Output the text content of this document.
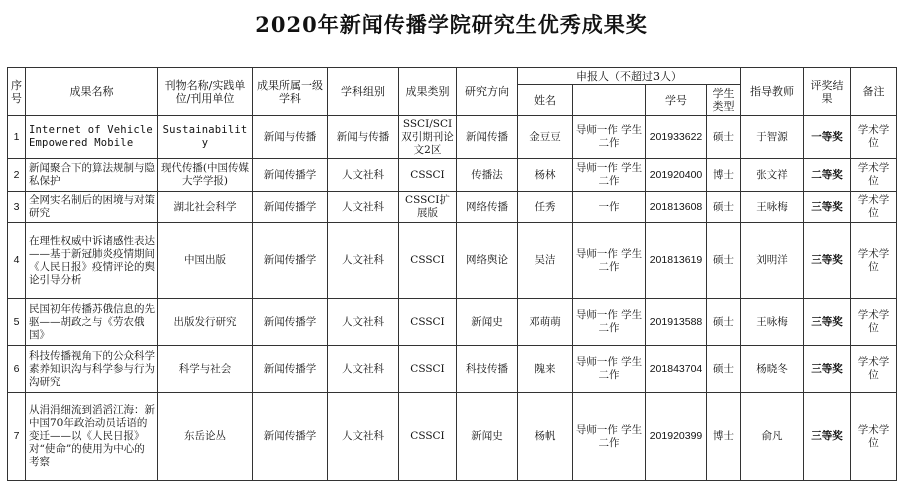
2020年新闻传播学院研究生优秀成果奖
序号	成果名称	刊物名称/实践单位/刊用单位	成果所属一级学科	学科组别	成果类别	研究方向	申报人（不超过3人）				指导教师	评奖结果	备注
							姓名		学号	学生类型			
1	Internet of Vehicle Empowered Mobile	Sustainability	新闻与传播	新闻与传播	SSCI/SCI双引期刊论文2区	新闻传播	金豆豆	导师一作 学生二作	201933622	硕士	于智源	一等奖	学术学位
2	新闻聚合下的算法规制与隐私保护	现代传播(中国传媒大学学报)	新闻传播学	人文社科	CSSCI	传播法	杨林	导师一作 学生二作	201920400	博士	张文祥	二等奖	学术学位
3	全网实名制后的困境与对策研究	湖北社会科学	新闻传播学	人文社科	CSSCI扩展版	网络传播	任秀	一作	201813608	硕士	王咏梅	三等奖	学术学位
4	在理性权威中诉诸感性表达——基于新冠肺炎疫情期间《人民日报》疫情评论的舆论引导分析	中国出版	新闻传播学	人文社科	CSSCI	网络舆论	吴洁	导师一作 学生二作	201813619	硕士	刘明洋	三等奖	学术学位
5	民国初年传播苏俄信息的先驱——胡政之与《劳农俄国》	出版发行研究	新闻传播学	人文社科	CSSCI	新闻史	邓萌萌	导师一作 学生二作	201913588	硕士	王咏梅	三等奖	学术学位
6	科技传播视角下的公众科学素养知识沟与科学参与行为沟研究	科学与社会	新闻传播学	人文社科	CSSCI	科技传播	隗来	导师一作 学生二作	201843704	硕士	杨晓冬	三等奖	学术学位
7	从涓涓细流到滔滔江海：新中国70年政治动员话语的变迁——以《人民日报》对“使命”的使用为中心的考察	东岳论丛	新闻传播学	人文社科	CSSCI	新闻史	杨帆	导师一作 学生二作	201920399	博士	俞凡	三等奖	学术学位
